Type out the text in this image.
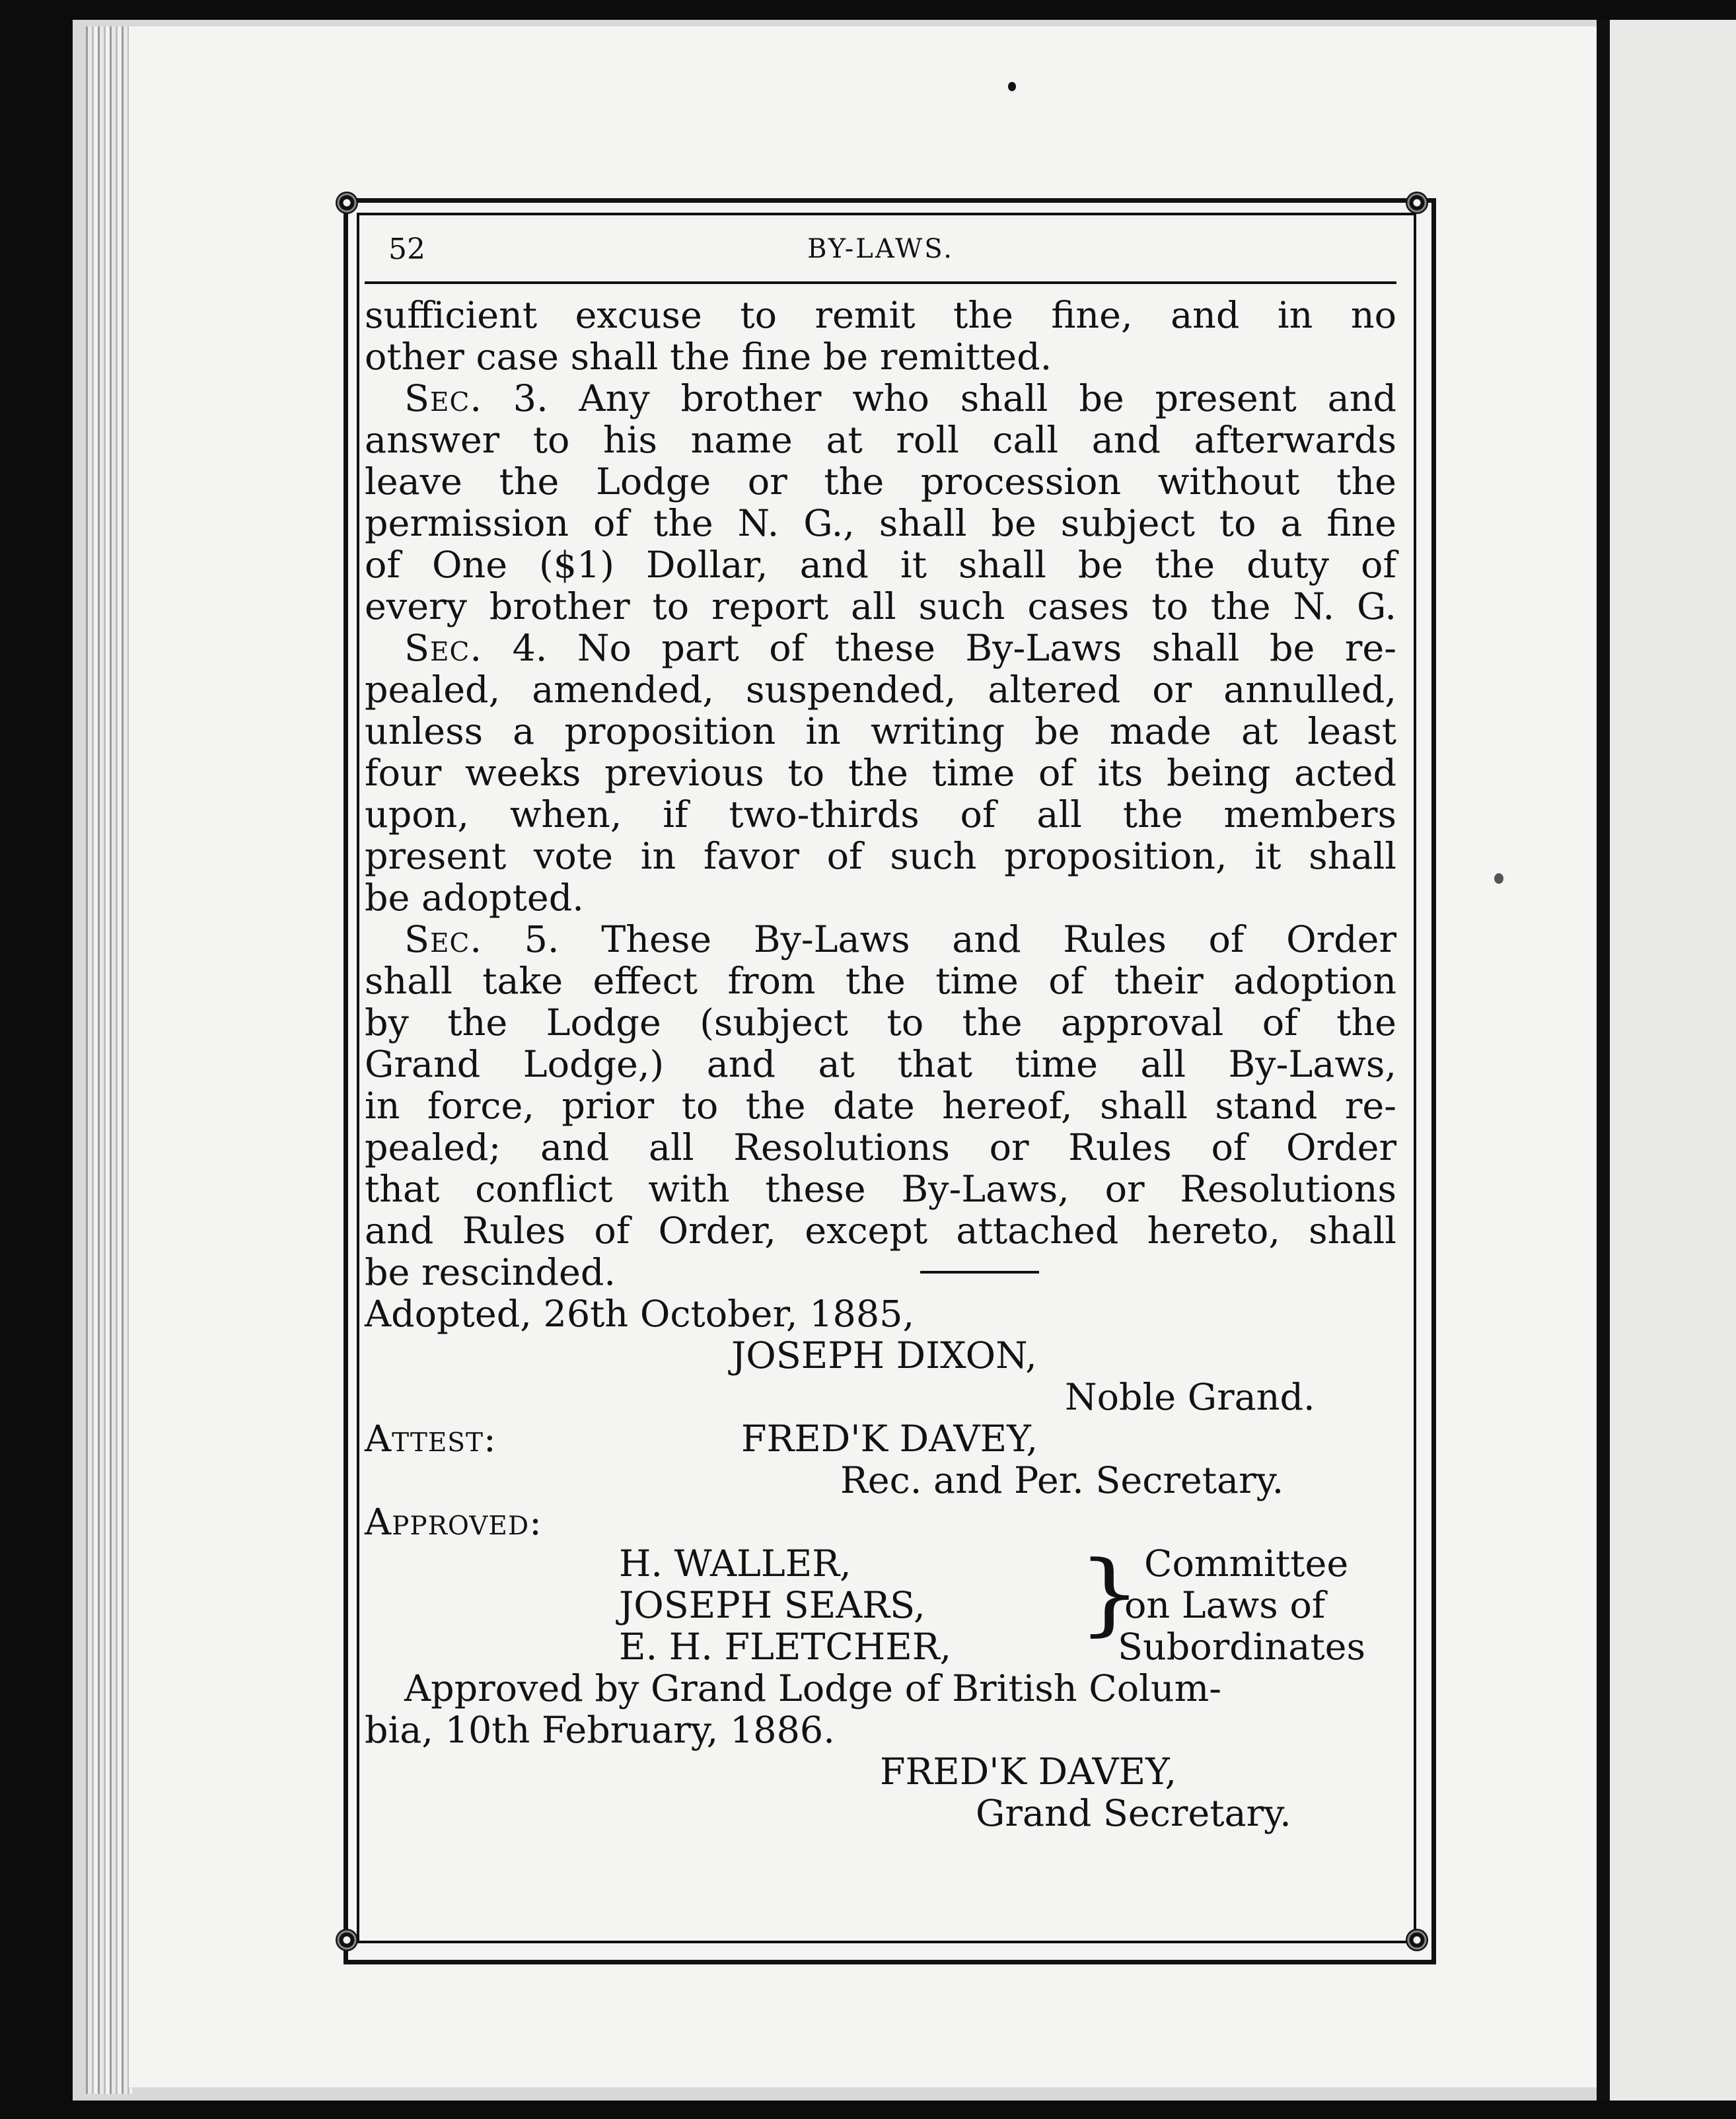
52	BY-LAWS.
sufficient excuse to remit the fine, and in no
other case shall the fine be remitted.
Sec. 3. Any brother who shall be present and
answer to his name at roll call and afterwards
leave the Lodge or the procession without the
permission of the N. G., shall be subject to a fine
of One ($1) Dollar, and it shall be the duty of
every brother to report all such cases to the N. G.
Sec. 4. No part of these By-Laws shall be re-
pealed, amended, suspended, altered or annulled,
unless a proposition in writing be made at least
four weeks previous to the time of its being acted
upon, when, if two-thirds of all the members
present vote in favor of such proposition, it shall
be adopted.
Sec. 5. These By-Laws and Rules of Order
shall take effect from the time of their adoption
by the Lodge (subject to the approval of the
Grand Lodge,) and at that time all By-Laws,
in force, prior to the date hereof, shall stand re-
pealed; and all Resolutions or Rules of Order
that conflict with these By-Laws, or Resolutions
and Rules of Order, except attached hereto, shall
be rescinded.
Adopted, 26th October, 1885,
JOSEPH DIXON,
Noble Grand.
Attest:	FRED'K DAVEY,
Rec. and Per. Secretary.
Approved:
H. WALLER,
JOSEPH SEARS,
E. H. FLETCHER,
} Committee
on Laws of
Subordinates
Approved by Grand Lodge of British Colum-
bia, 10th February, 1886.
FRED'K DAVEY,
Grand Secretary.
